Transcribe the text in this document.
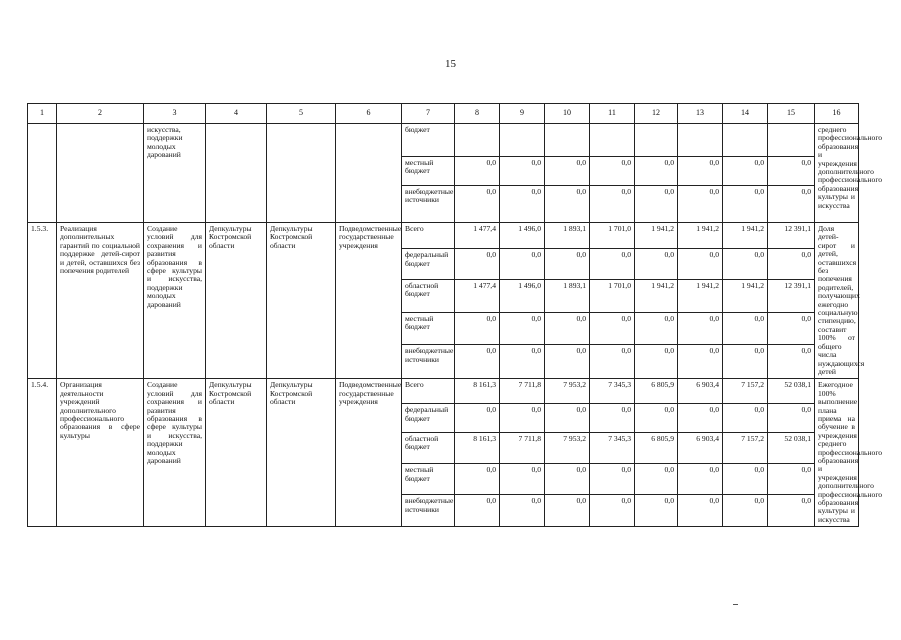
15
1	2	3	4	5	6	7	8	9	10	11	12	13	14	15	16
		искусства, поддержки молодых дарований				бюджет									среднего профессионального образования и учреждения дополнительного профессионального образования культуры и искусства
						местный бюджет	0,0	0,0	0,0	0,0	0,0	0,0	0,0	0,0	
						внебюджетные источники	0,0	0,0	0,0	0,0	0,0	0,0	0,0	0,0	
1.5.3.	Реализация дополнительных гарантий по социальной поддержке детей-сирот и детей, оставшихся без попечения родителей	Создание условий для сохранения и развития образования в сфере культуры и искусства, поддержки молодых дарований	Депкультуры Костромской области	Депкультуры Костромской области	Подведомственные государственные учреждения	Всего	1 477,4	1 496,0	1 893,1	1 701,0	1 941,2	1 941,2	1 941,2	12 391,1	Доля детей-сирот и детей, оставшихся без попечения родителей, получающих ежегодно социальную стипендию, составит 100% от общего числа нуждающихся детей
						федеральный бюджет	0,0	0,0	0,0	0,0	0,0	0,0	0,0	0,0	
						областной бюджет	1 477,4	1 496,0	1 893,1	1 701,0	1 941,2	1 941,2	1 941,2	12 391,1	
						местный бюджет	0,0	0,0	0,0	0,0	0,0	0,0	0,0	0,0	
						внебюджетные источники	0,0	0,0	0,0	0,0	0,0	0,0	0,0	0,0	
1.5.4.	Организация деятельности учреждений дополнительного профессионального образования в сфере культуры	Создание условий для сохранения и развития образования в сфере культуры и искусства, поддержки молодых дарований	Депкультуры Костромской области	Депкультуры Костромской области	Подведомственные государственные учреждения	Всего	8 161,3	7 711,8	7 953,2	7 345,3	6 805,9	6 903,4	7 157,2	52 038,1	Ежегодное 100% выполнение плана приема на обучение в учреждения среднего профессионального образования и учреждения дополнительного профессионального образования культуры и искусства
						федеральный бюджет	0,0	0,0	0,0	0,0	0,0	0,0	0,0	0,0	
						областной бюджет	8 161,3	7 711,8	7 953,2	7 345,3	6 805,9	6 903,4	7 157,2	52 038,1	
						местный бюджет	0,0	0,0	0,0	0,0	0,0	0,0	0,0	0,0	
						внебюджетные источники	0,0	0,0	0,0	0,0	0,0	0,0	0,0	0,0	
